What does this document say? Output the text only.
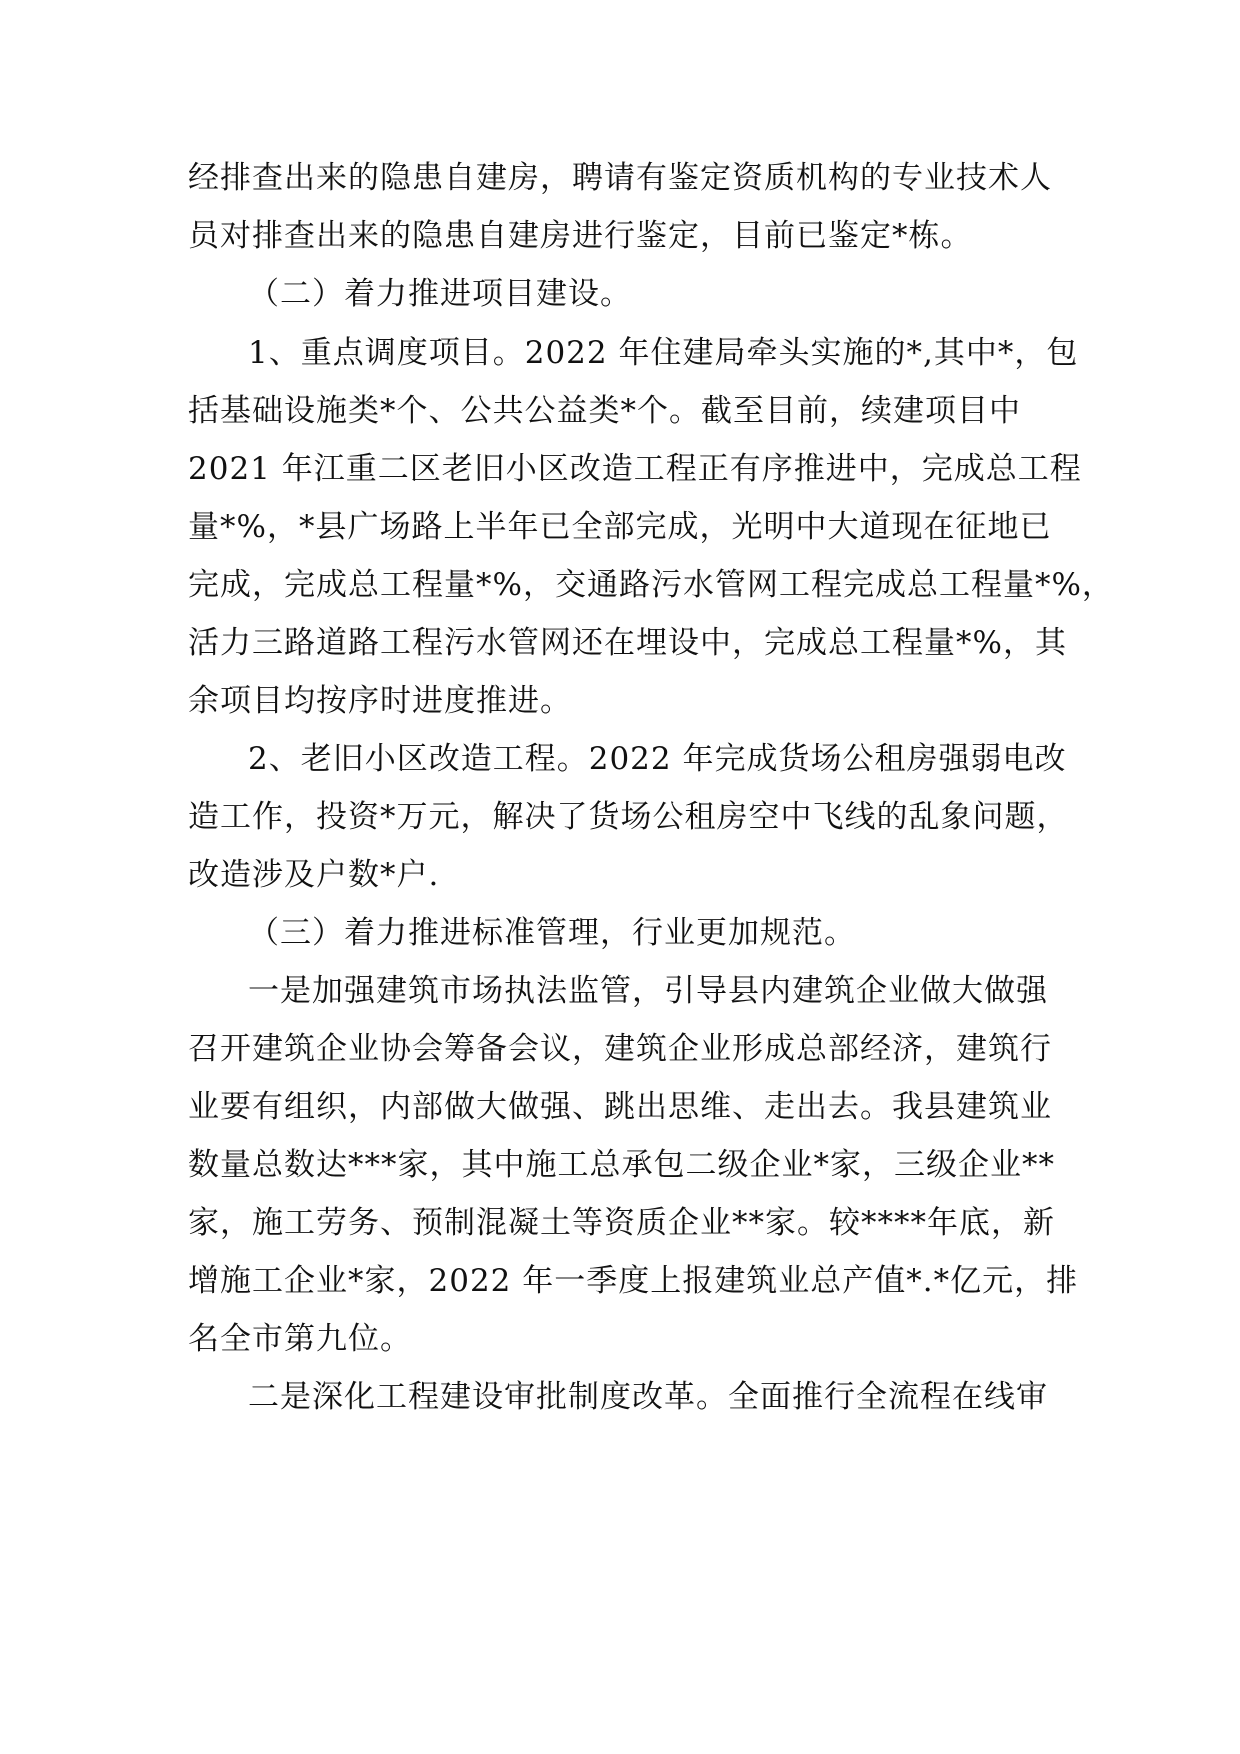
经排查出来的隐患自建房，聘请有鉴定资质机构的专业技术人

员对排查出来的隐患自建房进行鉴定，目前已鉴定*栋。

（二）着力推进项目建设。

1、重点调度项目。2022 年住建局牵头实施的*,其中*，包

括基础设施类*个、公共公益类*个。截至目前，续建项目中

2021 年江重二区老旧小区改造工程正有序推进中，完成总工程

量*%，*县广场路上半年已全部完成，光明中大道现在征地已

完成，完成总工程量*%，交通路污水管网工程完成总工程量*%，

活力三路道路工程污水管网还在埋设中，完成总工程量*%，其

余项目均按序时进度推进。

2、老旧小区改造工程。2022 年完成货场公租房强弱电改

造工作，投资*万元，解决了货场公租房空中飞线的乱象问题，

改造涉及户数*户.

（三）着力推进标准管理，行业更加规范。

一是加强建筑市场执法监管，引导县内建筑企业做大做强

召开建筑企业协会筹备会议，建筑企业形成总部经济，建筑行

业要有组织，内部做大做强、跳出思维、走出去。我县建筑业

数量总数达***家，其中施工总承包二级企业*家，三级企业**

家，施工劳务、预制混凝土等资质企业**家。较****年底，新

增施工企业*家，2022 年一季度上报建筑业总产值*.*亿元，排

名全市第九位。

二是深化工程建设审批制度改革。全面推行全流程在线审
